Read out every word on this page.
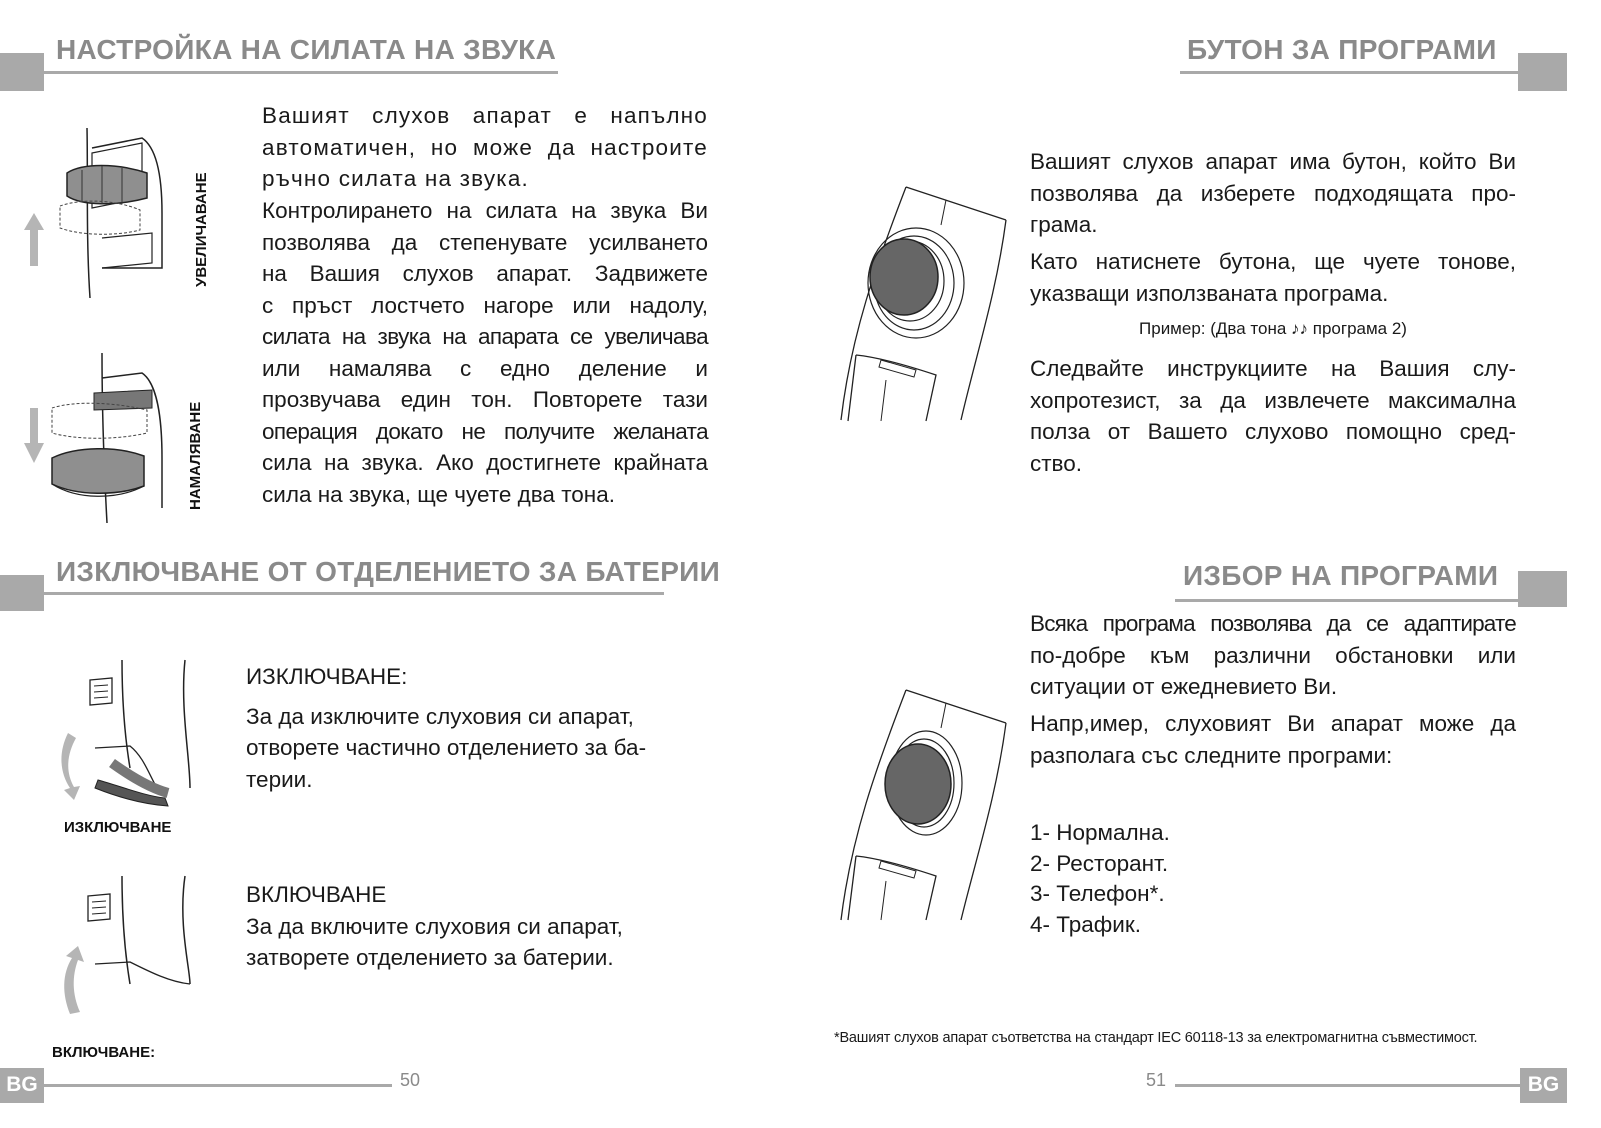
НАСТРОЙКА НА СИЛАТА НА ЗВУКА
УВЕЛИЧАВАНЕ
НАМАЛЯВАНЕ
Вашият слухов апарат е напълно
автоматичен, но може да настроите
ръчно силата на звука.
Контролирането на силата на звука Ви
позволява да степенувате усилването
на Вашия слухов апарат. Задвижете
с пръст лостчето нагоре или надолу,
силата на звука на апарата се увеличава
или намалява с едно деление и
прозвучава един тон. Повторете тази
операция докато не получите желаната
сила на звука. Ако достигнете крайната
сила на звука, ще чуете два тона.
ИЗКЛЮЧВАНЕ ОТ ОТДЕЛЕНИЕТО ЗА БАТЕРИИ
ИЗКЛЮЧВАНЕ
ИЗКЛЮЧВАНЕ:
За да изключите слуховия си апарат,
отворете частично отделението за ба-
терии.
ВКЛЮЧВАНЕ
За да включите слуховия си апарат,
затворете отделението за батерии.
ВКЛЮЧВАНЕ:
BG	50
БУТОН ЗА ПРОГРАМИ
Вашият слухов апарат има бутон, който Ви
позволява да изберете подходящата про-
грама.
Като натиснете бутона, ще чуете тонове,
указващи използваната програма.
Пример: (Два тона ♪♪ програма 2)
Следвайте инструкциите на Вашия слу-
хопротезист, за да извлечете максимална
полза от Вашето слухово помощно сред-
ство.
ИЗБОР НА ПРОГРАМИ
Всяка програма позволява да се адаптирате
по-добре към различни обстановки или
ситуации от ежедневието Ви.
Напр,имер, слуховият Ви апарат може да
разполага със следните програми:
1- Нормална.
2- Ресторант.
3- Телефон*.
4- Трафик.
*Вашият слухов апарат съответства на стандарт IEC 60118-13 за електромагнитна съвместимост.
51	BG
